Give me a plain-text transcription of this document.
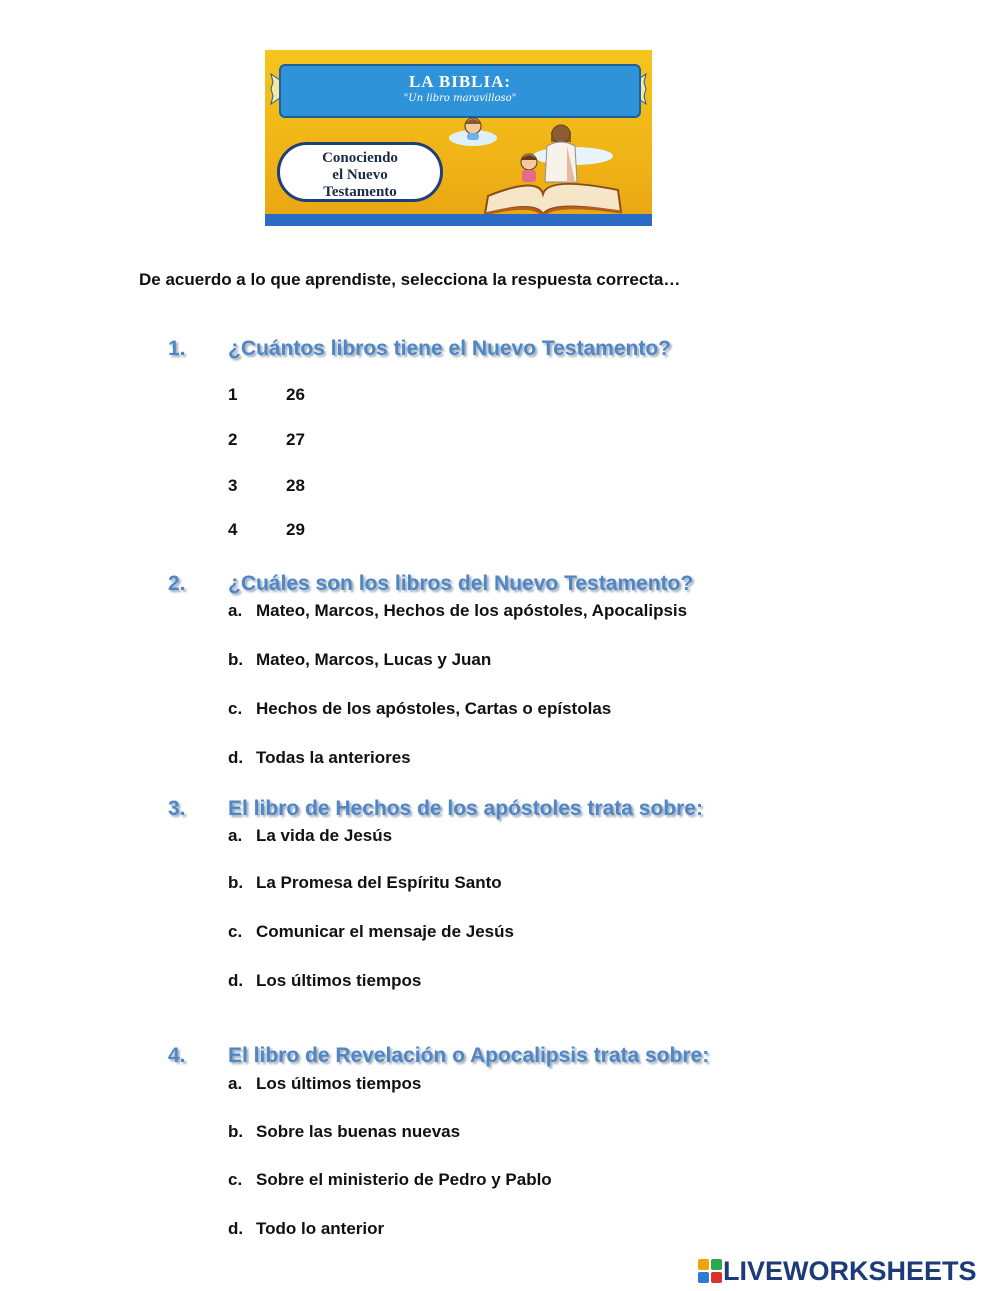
LA BIBLIA:
"Un libro maravilloso"
Conociendo
el Nuevo
Testamento
De acuerdo a lo que aprendiste, selecciona la respuesta correcta…
1. ¿Cuántos libros tiene el Nuevo Testamento?
1	26
2	27
3	28
4	29
2. ¿Cuáles son los libros del Nuevo Testamento?
a. Mateo, Marcos, Hechos de los apóstoles, Apocalipsis
b. Mateo, Marcos, Lucas y Juan
c. Hechos de los apóstoles, Cartas o epístolas
d. Todas la anteriores
3. El libro de Hechos de los apóstoles trata sobre:
a. La vida de Jesús
b. La Promesa del Espíritu Santo
c. Comunicar el mensaje de Jesús
d. Los últimos tiempos
4. El libro de Revelación o Apocalipsis trata sobre:
a. Los últimos tiempos
b. Sobre las buenas nuevas
c. Sobre el ministerio de Pedro y Pablo
d. Todo lo anterior
LIVEWORKSHEETS
